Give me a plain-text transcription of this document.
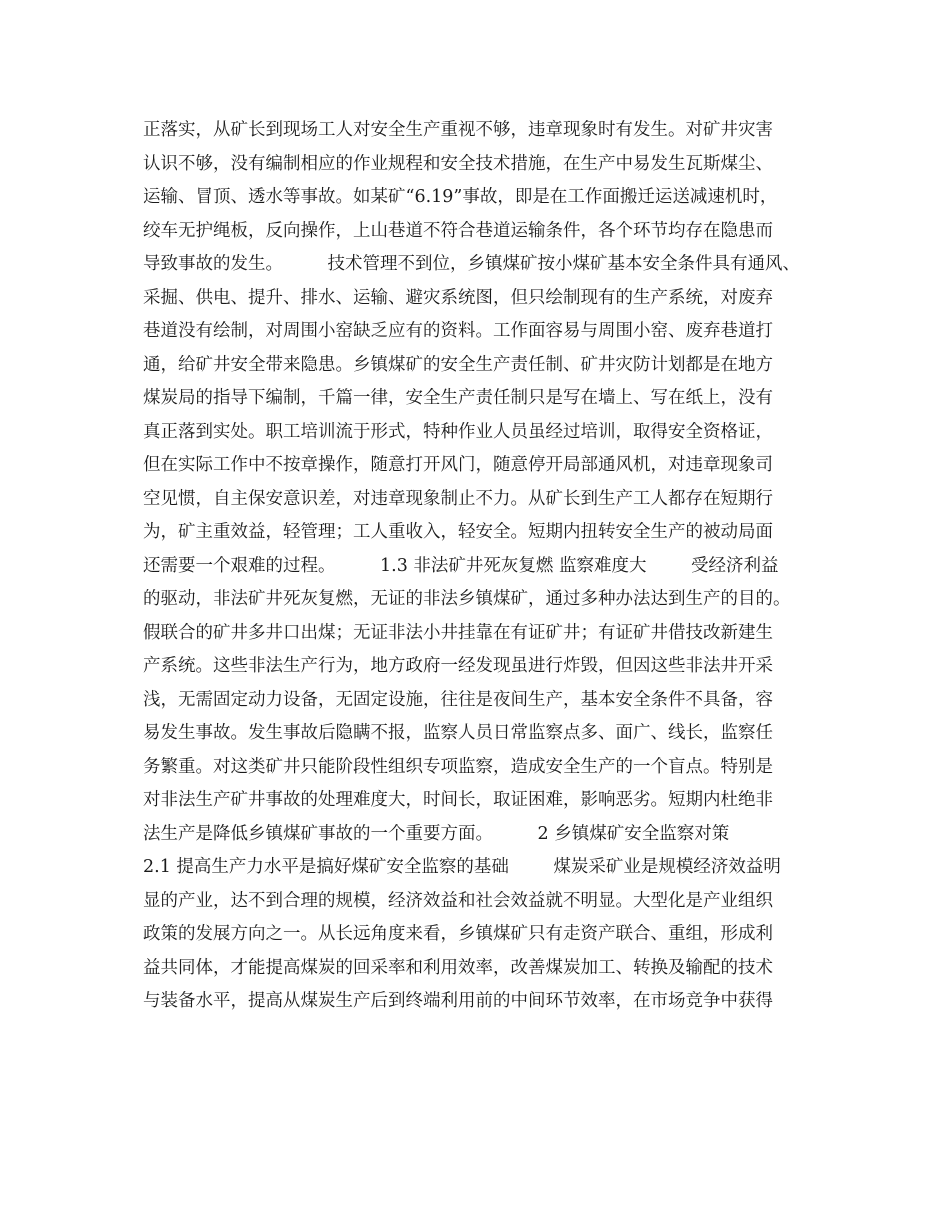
正落实，从矿长到现场工人对安全生产重视不够，违章现象时有发生。对矿井灾害
认识不够，没有编制相应的作业规程和安全技术措施，在生产中易发生瓦斯煤尘、
运输、冒顶、透水等事故。如某矿“6.19”事故，即是在工作面搬迁运送减速机时，
绞车无护绳板，反向操作，上山巷道不符合巷道运输条件，各个环节均存在隐患而
导致事故的发生。        技术管理不到位，乡镇煤矿按小煤矿基本安全条件具有通风、
采掘、供电、提升、排水、运输、避灾系统图，但只绘制现有的生产系统，对废弃
巷道没有绘制，对周围小窑缺乏应有的资料。工作面容易与周围小窑、废弃巷道打
通，给矿井安全带来隐患。乡镇煤矿的安全生产责任制、矿井灾防计划都是在地方
煤炭局的指导下编制，千篇一律，安全生产责任制只是写在墙上、写在纸上，没有
真正落到实处。职工培训流于形式，特种作业人员虽经过培训，取得安全资格证，
但在实际工作中不按章操作，随意打开风门，随意停开局部通风机，对违章现象司
空见惯，自主保安意识差，对违章现象制止不力。从矿长到生产工人都存在短期行
为，矿主重效益，轻管理；工人重收入，轻安全。短期内扭转安全生产的被动局面
还需要一个艰难的过程。        1.3 非法矿井死灰复燃 监察难度大        受经济利益
的驱动，非法矿井死灰复燃，无证的非法乡镇煤矿，通过多种办法达到生产的目的。
假联合的矿井多井口出煤；无证非法小井挂靠在有证矿井；有证矿井借技改新建生
产系统。这些非法生产行为，地方政府一经发现虽进行炸毁，但因这些非法井开采
浅，无需固定动力设备，无固定设施，往往是夜间生产，基本安全条件不具备，容
易发生事故。发生事故后隐瞒不报，监察人员日常监察点多、面广、线长，监察任
务繁重。对这类矿井只能阶段性组织专项监察，造成安全生产的一个盲点。特别是
对非法生产矿井事故的处理难度大，时间长，取证困难，影响恶劣。短期内杜绝非
法生产是降低乡镇煤矿事故的一个重要方面。        2 乡镇煤矿安全监察对策
2.1 提高生产力水平是搞好煤矿安全监察的基础        煤炭采矿业是规模经济效益明
显的产业，达不到合理的规模，经济效益和社会效益就不明显。大型化是产业组织
政策的发展方向之一。从长远角度来看，乡镇煤矿只有走资产联合、重组，形成利
益共同体，才能提高煤炭的回采率和利用效率，改善煤炭加工、转换及输配的技术
与装备水平，提高从煤炭生产后到终端利用前的中间环节效率，在市场竞争中获得
